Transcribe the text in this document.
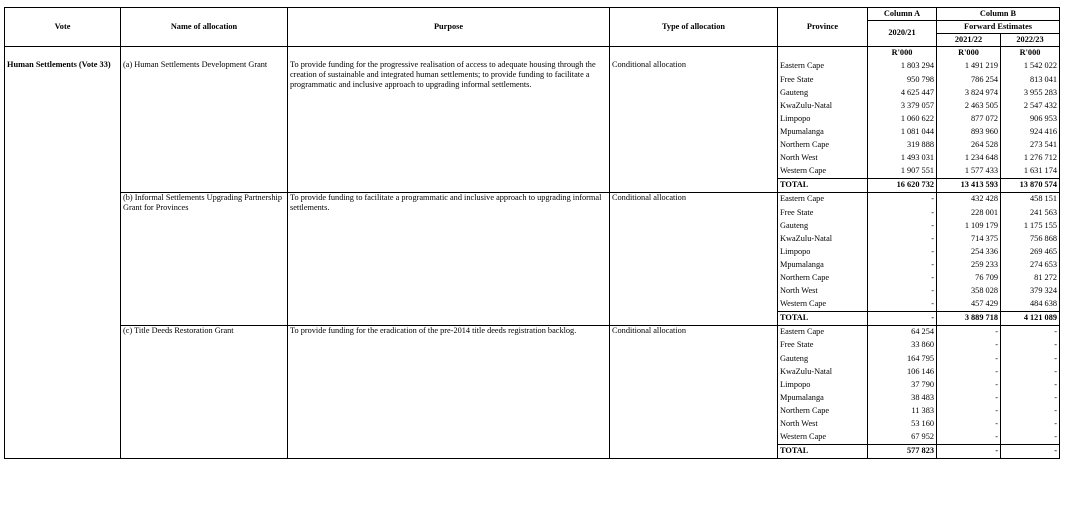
Vote	Name of allocation	Purpose	Type of allocation	Province	Column A	Column B	
					2020/21	Forward Estimates	
						2021/22	2022/23
					R'000	R'000	R'000
Human Settlements (Vote 33)	(a) Human Settlements Development Grant	To provide funding for the progressive realisation of access to adequate housing through the creation of sustainable and integrated human settlements; to provide funding to facilitate a programmatic and inclusive approach to upgrading informal settlements.	Conditional allocation	Eastern Cape	1 803 294	1 491 219	1 542 022
				Free State	950 798	786 254	813 041
				Gauteng	4 625 447	3 824 974	3 955 283
				KwaZulu-Natal	3 379 057	2 463 505	2 547 432
				Limpopo	1 060 622	877 072	906 953
				Mpumalanga	1 081 044	893 960	924 416
				Northern Cape	319 888	264 528	273 541
				North West	1 493 031	1 234 648	1 276 712
				Western Cape	1 907 551	1 577 433	1 631 174
				TOTAL	16 620 732	13 413 593	13 870 574
	(b) Informal Settlements Upgrading Partnership Grant for Provinces	To provide funding to facilitate a programmatic and inclusive approach to upgrading informal settlements.	Conditional allocation	Eastern Cape	-	432 428	458 151
				Free State	-	228 001	241 563
				Gauteng	-	1 109 179	1 175 155
				KwaZulu-Natal	-	714 375	756 868
				Limpopo	-	254 336	269 465
				Mpumalanga	-	259 233	274 653
				Northern Cape	-	76 709	81 272
				North West	-	358 028	379 324
				Western Cape	-	457 429	484 638
				TOTAL	-	3 889 718	4 121 089
	(c) Title Deeds Restoration Grant	To provide funding for the eradication of the pre-2014 title deeds registration backlog.	Conditional allocation	Eastern Cape	64 254	-	-
				Free State	33 860	-	-
				Gauteng	164 795	-	-
				KwaZulu-Natal	106 146	-	-
				Limpopo	37 790	-	-
				Mpumalanga	38 483	-	-
				Northern Cape	11 383	-	-
				North West	53 160	-	-
				Western Cape	67 952	-	-
				TOTAL	577 823	-	-
